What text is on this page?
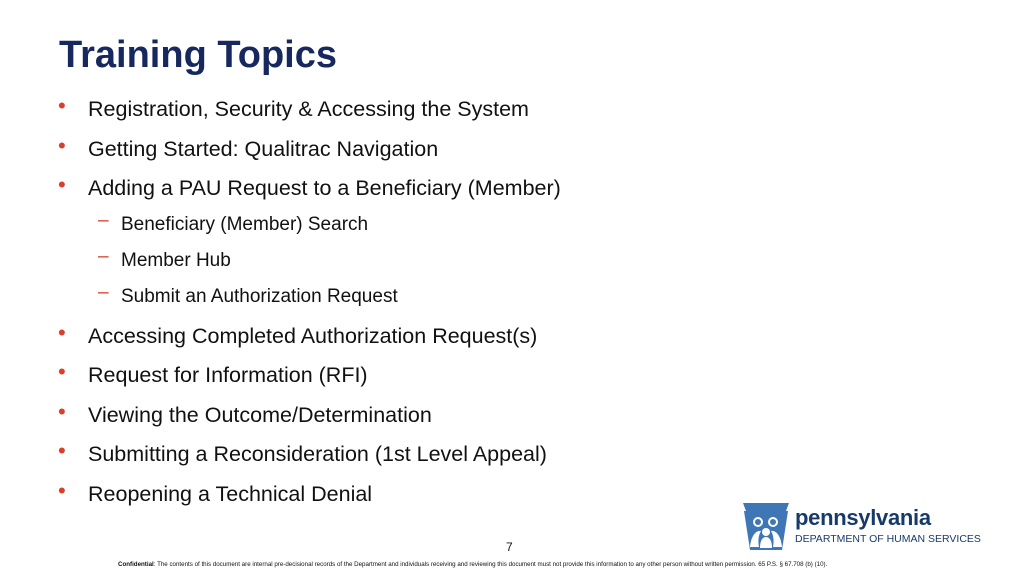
Training Topics
• Registration, Security & Accessing the System
• Getting Started: Qualitrac Navigation
• Adding a PAU Request to a Beneficiary (Member)
– Beneficiary (Member) Search
– Member Hub
– Submit an Authorization Request
• Accessing Completed Authorization Request(s)
• Request for Information (RFI)
• Viewing the Outcome/Determination
• Submitting a Reconsideration (1st Level Appeal)
• Reopening a Technical Denial
7
pennsylvania
DEPARTMENT OF HUMAN SERVICES
Confidential: The contents of this document are internal pre-decisional records of the Department and individuals receiving and reviewing this document must not provide this information to any other person without written permission. 65 P.S. § 67.708 (b) (10).
